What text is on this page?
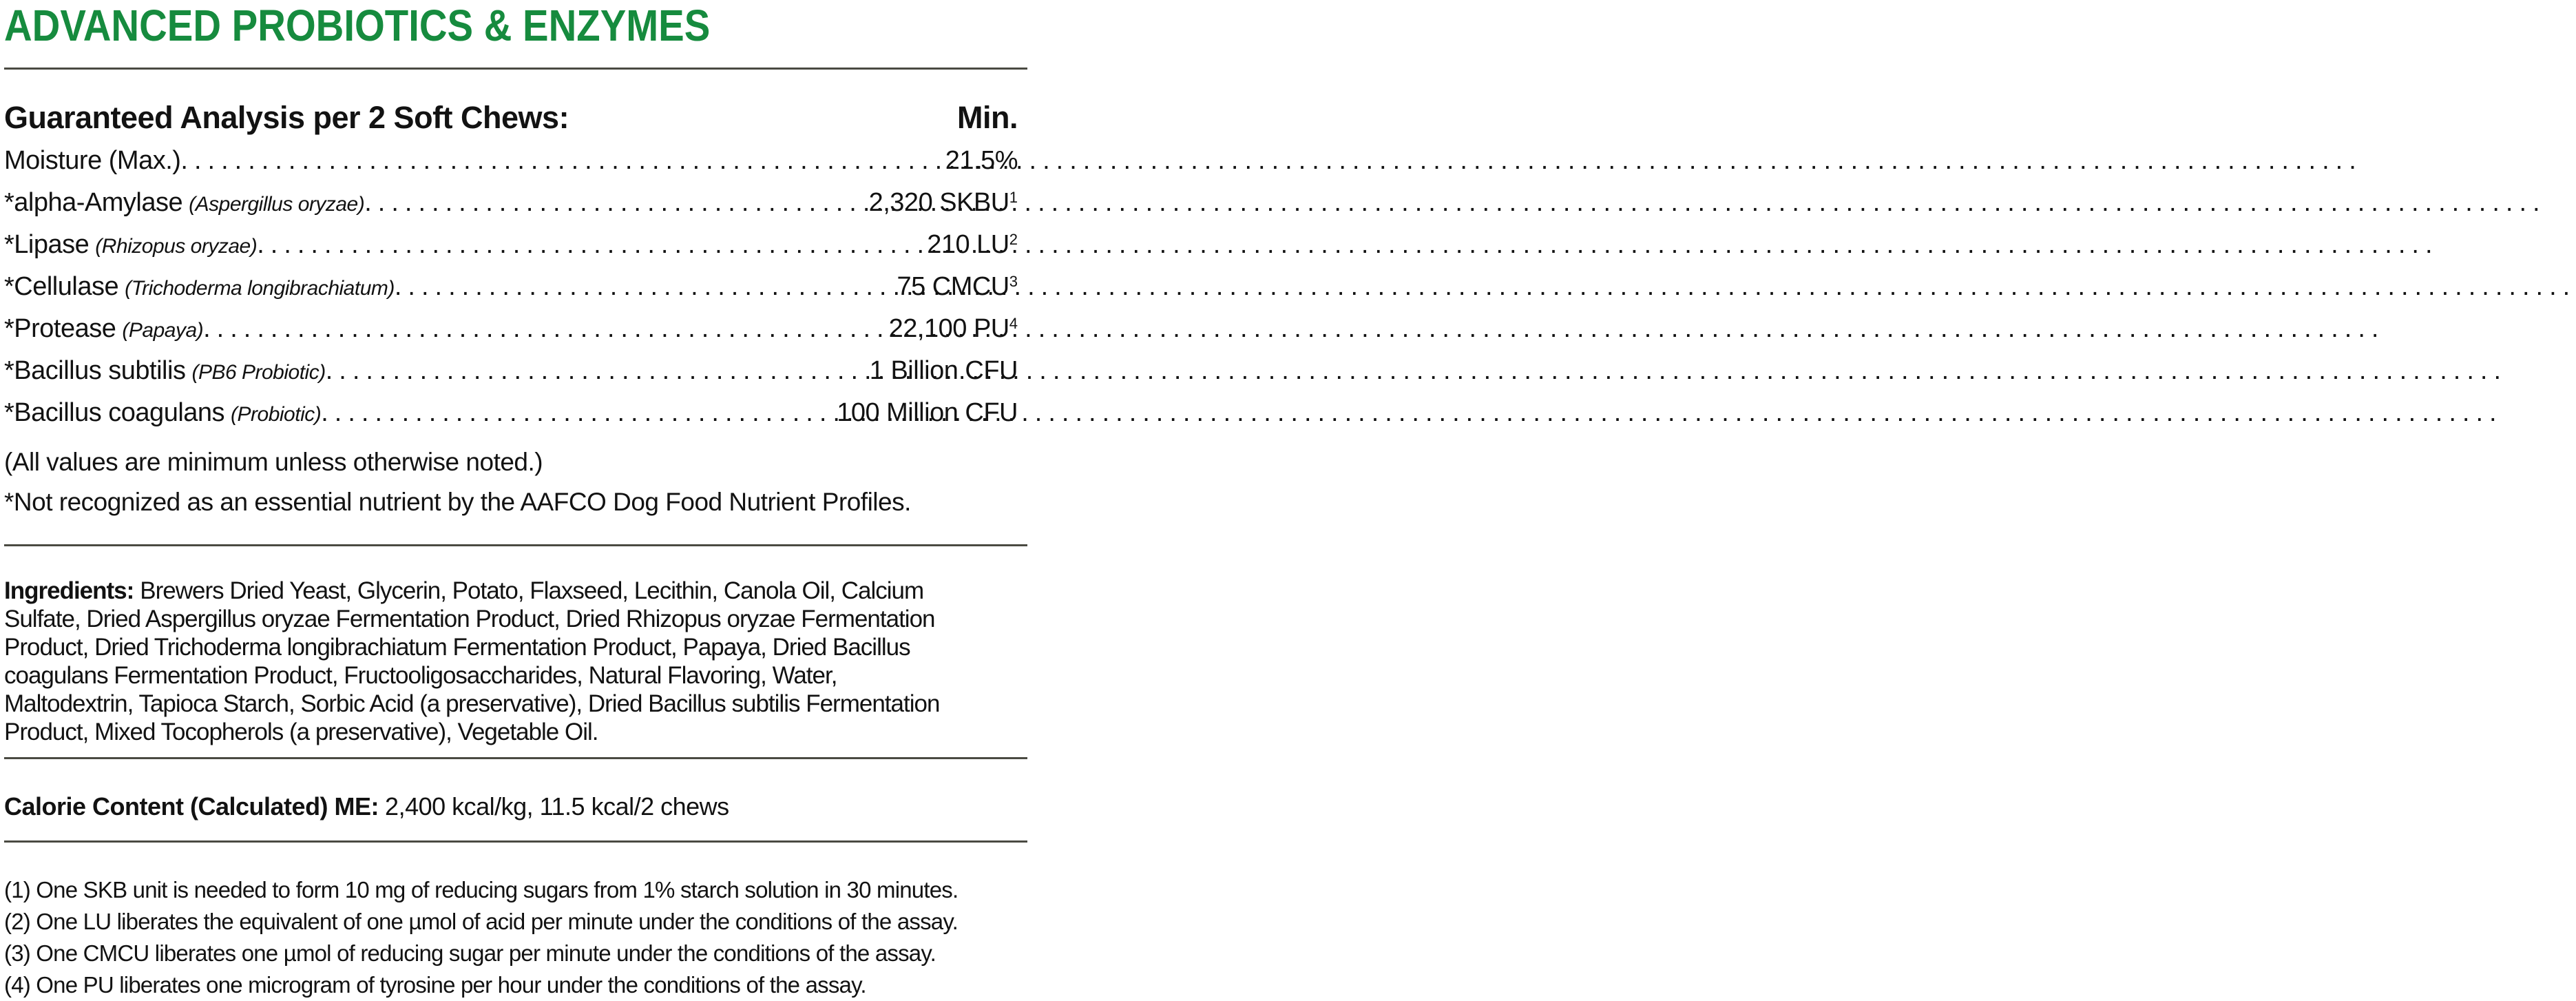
ADVANCED PROBIOTICS & ENZYMES
Guaranteed Analysis per 2 Soft Chews:	Min.
Moisture (Max.) .....	21.5%
*alpha-Amylase (Aspergillus oryzae) .....	2,320 SKBU$^1$
*Lipase (Rhizopus oryzae) .....	210 $LU^2$
*Cellulase (Trichoderma longibrachiatum) .....	75 CMCU$^3$
*Protease (Papaya) .....	22,100 $PU^4$
*Bacillus subtilis (PB6 Probiotic) .....	1 Billion CFU
*Bacillus coagulans (Probiotic) .....	100 Million CFU
(All values are minimum unless otherwise noted.)
*Not recognized as an essential nutrient by the AAFCO Dog Food Nutrient Profiles.
Ingredients: Brewers Dried Yeast, Glycerin, Potato, Flaxseed, Lecithin, Canola Oil, Calcium
Sulfate, Dried Aspergillus oryzae Fermentation Product, Dried Rhizopus oryzae Fermentation
Product, Dried Trichoderma longibrachiatum Fermentation Product, Papaya, Dried Bacillus
coagulans Fermentation Product, Fructooligosaccharides, Natural Flavoring, Water,
Maltodextrin, Tapioca Starch, Sorbic Acid (a preservative), Dried Bacillus subtilis Fermentation
Product, Mixed Tocopherols (a preservative), Vegetable Oil.
Calorie Content (Calculated) ME: 2,400 kcal/kg, 11.5 kcal/2 chews
(1) One SKB unit is needed to form 10 mg of reducing sugars from 1% starch solution in 30 minutes.
(2) One LU liberates the equivalent of one µmol of acid per minute under the conditions of the assay.
(3) One CMCU liberates one µmol of reducing sugar per minute under the conditions of the assay.
(4) One PU liberates one microgram of tyrosine per hour under the conditions of the assay.
